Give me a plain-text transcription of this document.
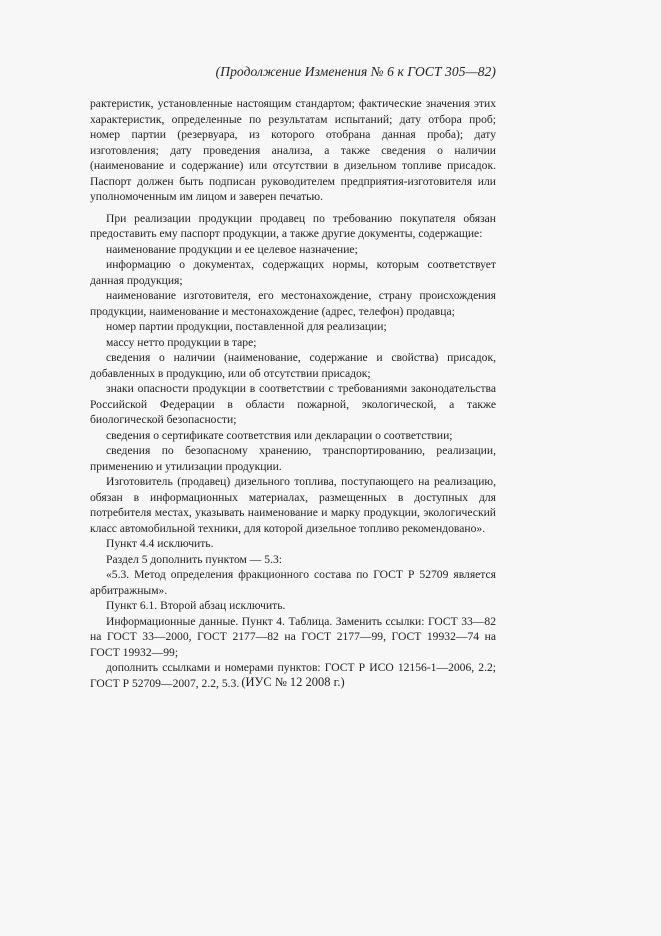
(Продолжение Изменения № 6 к ГОСТ 305—82)

рактеристик, установленные настоящим стандартом; фактические значения этих характеристик, определенные по результатам испытаний; дату отбора проб; номер партии (резервуара, из которого отобрана данная проба); дату изготовления; дату проведения анализа, а также сведения о наличии (наименование и содержание) или отсутствии в дизельном топливе присадок. Паспорт должен быть подписан руководителем предприятия-изготовителя или уполномоченным им лицом и заверен печатью.

При реализации продукции продавец по требованию покупателя обязан предоставить ему паспорт продукции, а также другие документы, содержащие:

наименование продукции и ее целевое назначение;

информацию о документах, содержащих нормы, которым соответствует данная продукция;

наименование изготовителя, его местонахождение, страну происхождения продукции, наименование и местонахождение (адрес, телефон) продавца;

номер партии продукции, поставленной для реализации;

массу нетто продукции в таре;

сведения о наличии (наименование, содержание и свойства) присадок, добавленных в продукцию, или об отсутствии присадок;

знаки опасности продукции в соответствии с требованиями законодательства Российской Федерации в области пожарной, экологической, а также биологической безопасности;

сведения о сертификате соответствия или декларации о соответствии;

сведения по безопасному хранению, транспортированию, реализации, применению и утилизации продукции.

Изготовитель (продавец) дизельного топлива, поступающего на реализацию, обязан в информационных материалах, размещенных в доступных для потребителя местах, указывать наименование и марку продукции, экологический класс автомобильной техники, для которой дизельное топливо рекомендовано».

Пункт 4.4 исключить.

Раздел 5 дополнить пунктом — 5.3:

«5.3. Метод определения фракционного состава по ГОСТ Р 52709 является арбитражным».

Пункт 6.1. Второй абзац исключить.

Информационные данные. Пункт 4. Таблица. Заменить ссылки: ГОСТ 33—82 на ГОСТ 33—2000, ГОСТ 2177—82 на ГОСТ 2177—99, ГОСТ 19932—74 на ГОСТ 19932—99;

дополнить ссылками и номерами пунктов: ГОСТ Р ИСО 12156-1—2006, 2.2; ГОСТ Р 52709—2007, 2.2, 5.3. (ИУС № 12 2008 г.)
